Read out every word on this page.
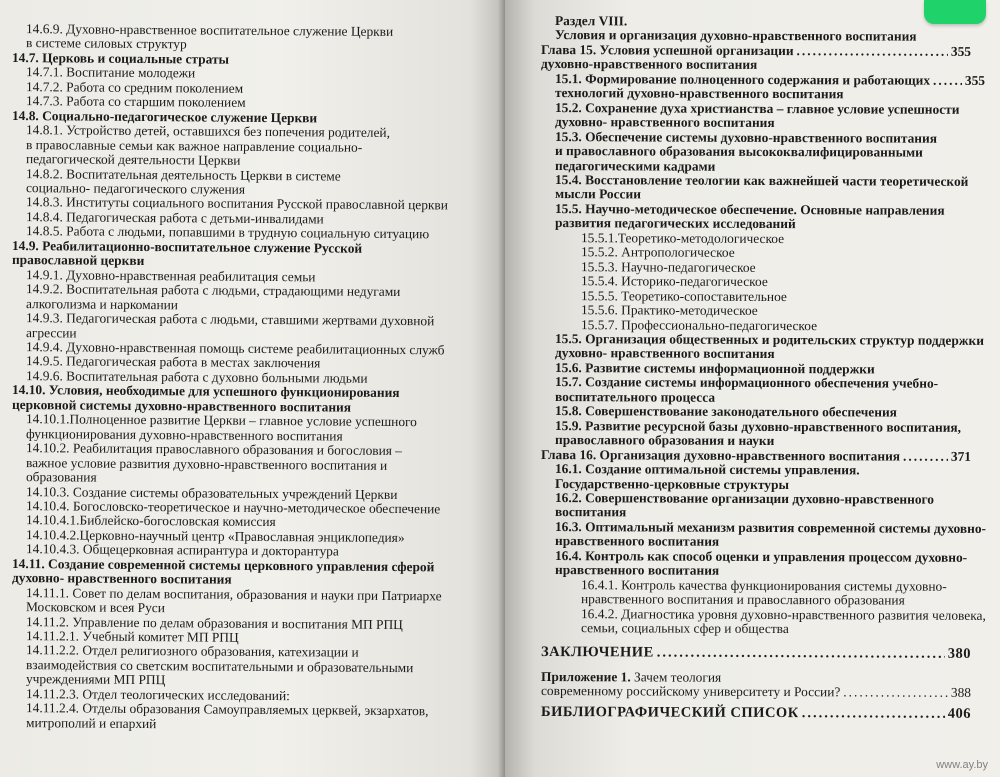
14.6.9. Духовно-нравственное воспитательное служение Церкви
в системе силовых структур
14.7. Церковь и социальные страты
14.7.1. Воспитание молодежи
14.7.2. Работа со средним поколением
14.7.3. Работа со старшим поколением
14.8. Социально-педагогическое служение Церкви
14.8.1. Устройство детей, оставшихся без попечения родителей,
в православные семьи как важное направление социально-
педагогической деятельности Церкви
14.8.2. Воспитательная деятельность Церкви в системе
социально- педагогического служения
14.8.3. Институты социального воспитания Русской православной церкви
14.8.4. Педагогическая работа с детьми-инвалидами
14.8.5. Работа с людьми, попавшими в трудную социальную ситуацию
14.9. Реабилитационно-воспитательное служение Русской
православной церкви
14.9.1. Духовно-нравственная реабилитация семьи
14.9.2. Воспитательная работа с людьми, страдающими недугами
алкоголизма и наркомании
14.9.3. Педагогическая работа с людьми, ставшими жертвами духовной
агрессии
14.9.4. Духовно-нравственная помощь системе реабилитационных служб
14.9.5. Педагогическая работа в местах заключения
14.9.6. Воспитательная работа с духовно больными людьми
14.10. Условия, необходимые для успешного функционирования
церковной системы духовно-нравственного воспитания
14.10.1.Полноценное развитие Церкви – главное условие успешного
функционирования духовно-нравственного воспитания
14.10.2. Реабилитация православного образования и богословия –
важное условие развития духовно-нравственного воспитания и
образования
14.10.3. Создание системы образовательных учреждений Церкви
14.10.4. Богословско-теоретическое и научно-методическое обеспечение
14.10.4.1.Библейско-богословская комиссия
14.10.4.2.Церковно-научный центр «Православная энциклопедия»
14.10.4.3. Общецерковная аспирантура и докторантура
14.11. Создание современной системы церковного управления сферой
духовно- нравственного воспитания
14.11.1. Совет по делам воспитания, образования и науки при Патриархе
Московском и всея Руси
14.11.2. Управление по делам образования и воспитания МП РПЦ
14.11.2.1. Учебный комитет МП РПЦ
14.11.2.2. Отдел религиозного образования, катехизации и
взаимодействия со светским воспитательными и образовательными
учреждениями МП РПЦ
14.11.2.3. Отдел теологических исследований:
14.11.2.4. Отделы образования Самоуправляемых церквей, экзархатов,
митрополий и епархий
Раздел VIII.
Условия и организация духовно-нравственного воспитания
Глава 15. Условия успешной организации .....	355
духовно-нравственного воспитания
15.1. Формирование полноценного содержания и работающих .....	355
технологий духовно-нравственного воспитания
15.2. Сохранение духа христианства – главное условие успешности
духовно- нравственного воспитания
15.3. Обеспечение системы духовно-нравственного воспитания
и православного образования высококвалифицированными
педагогическими кадрами
15.4. Восстановление теологии как важнейшей части теоретической
мысли России
15.5. Научно-методическое обеспечение. Основные направления
развития педагогических исследований
15.5.1.Теоретико-методологическое
15.5.2. Антропологическое
15.5.3. Научно-педагогическое
15.5.4. Историко-педагогическое
15.5.5. Теоретико-сопоставительное
15.5.6. Практико-методическое
15.5.7. Профессионально-педагогическое
15.5. Организация общественных и родительских структур поддержки
духовно- нравственного воспитания
15.6. Развитие системы информационной поддержки
15.7. Создание системы информационного обеспечения учебно-
воспитательного процесса
15.8. Совершенствование законодательного обеспечения
15.9. Развитие ресурсной базы духовно-нравственного воспитания,
православного образования и науки
Глава 16. Организация духовно-нравственного воспитания .....	371
16.1. Создание оптимальной системы управления.
Государственно-церковные структуры
16.2. Совершенствование организации духовно-нравственного
воспитания
16.3. Оптимальный механизм развития современной системы духовно-
нравственного воспитания
16.4. Контроль как способ оценки и управления процессом духовно-
нравственного воспитания
16.4.1. Контроль качества функционирования системы духовно-
нравственного воспитания и православного образования
16.4.2. Диагностика уровня духовно-нравственного развития человека,
семьи, социальных сфер и общества
ЗАКЛЮЧЕНИЕ .....	380
Приложение 1. Зачем теология
современному российскому университету и России? .....	388
БИБЛИОГРАФИЧЕСКИЙ СПИСОК .....	406
www.ay.by
